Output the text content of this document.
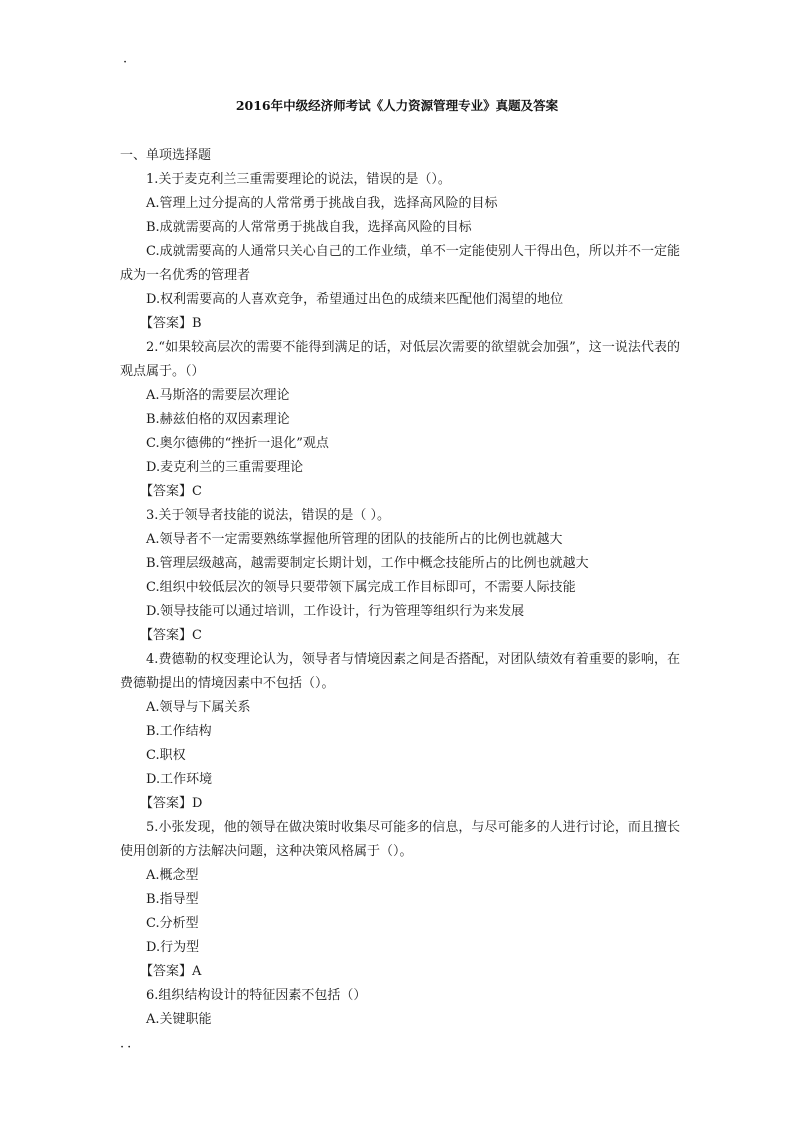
·
2016年中级经济师考试《人力资源管理专业》真题及答案

一、单项选择题

1.关于麦克利兰三重需要理论的说法，错误的是（）。

A.管理上过分提高的人常常勇于挑战自我，选择高风险的目标

B.成就需要高的人常常勇于挑战自我，选择高风险的目标

C.成就需要高的人通常只关心自己的工作业绩，单不一定能使别人干得出色，所以并不一定能成为一名优秀的管理者

D.权利需要高的人喜欢竞争，希望通过出色的成绩来匹配他们渴望的地位

【答案】B

2.“如果较高层次的需要不能得到满足的话，对低层次需要的欲望就会加强”，这一说法代表的观点属于。（）

A.马斯洛的需要层次理论

B.赫兹伯格的双因素理论

C.奥尔德佛的“挫折一退化”观点

D.麦克利兰的三重需要理论

【答案】C

3.关于领导者技能的说法，错误的是（ ）。

A.领导者不一定需要熟练掌握他所管理的团队的技能所占的比例也就越大

B.管理层级越高，越需要制定长期计划，工作中概念技能所占的比例也就越大

C.组织中较低层次的领导只要带领下属完成工作目标即可，不需要人际技能

D.领导技能可以通过培训，工作设计，行为管理等组织行为来发展

【答案】C

4.费德勒的权变理论认为，领导者与情境因素之间是否搭配，对团队绩效有着重要的影响，在费德勒提出的情境因素中不包括（）。

A.领导与下属关系

B.工作结构

C.职权

D.工作环境

【答案】D

5.小张发现，他的领导在做决策时收集尽可能多的信息，与尽可能多的人进行讨论，而且擅长使用创新的方法解决问题，这种决策风格属于（）。

A.概念型

B.指导型

C.分析型

D.行为型

【答案】A

6.组织结构设计的特征因素不包括（）

A.关键职能

··
